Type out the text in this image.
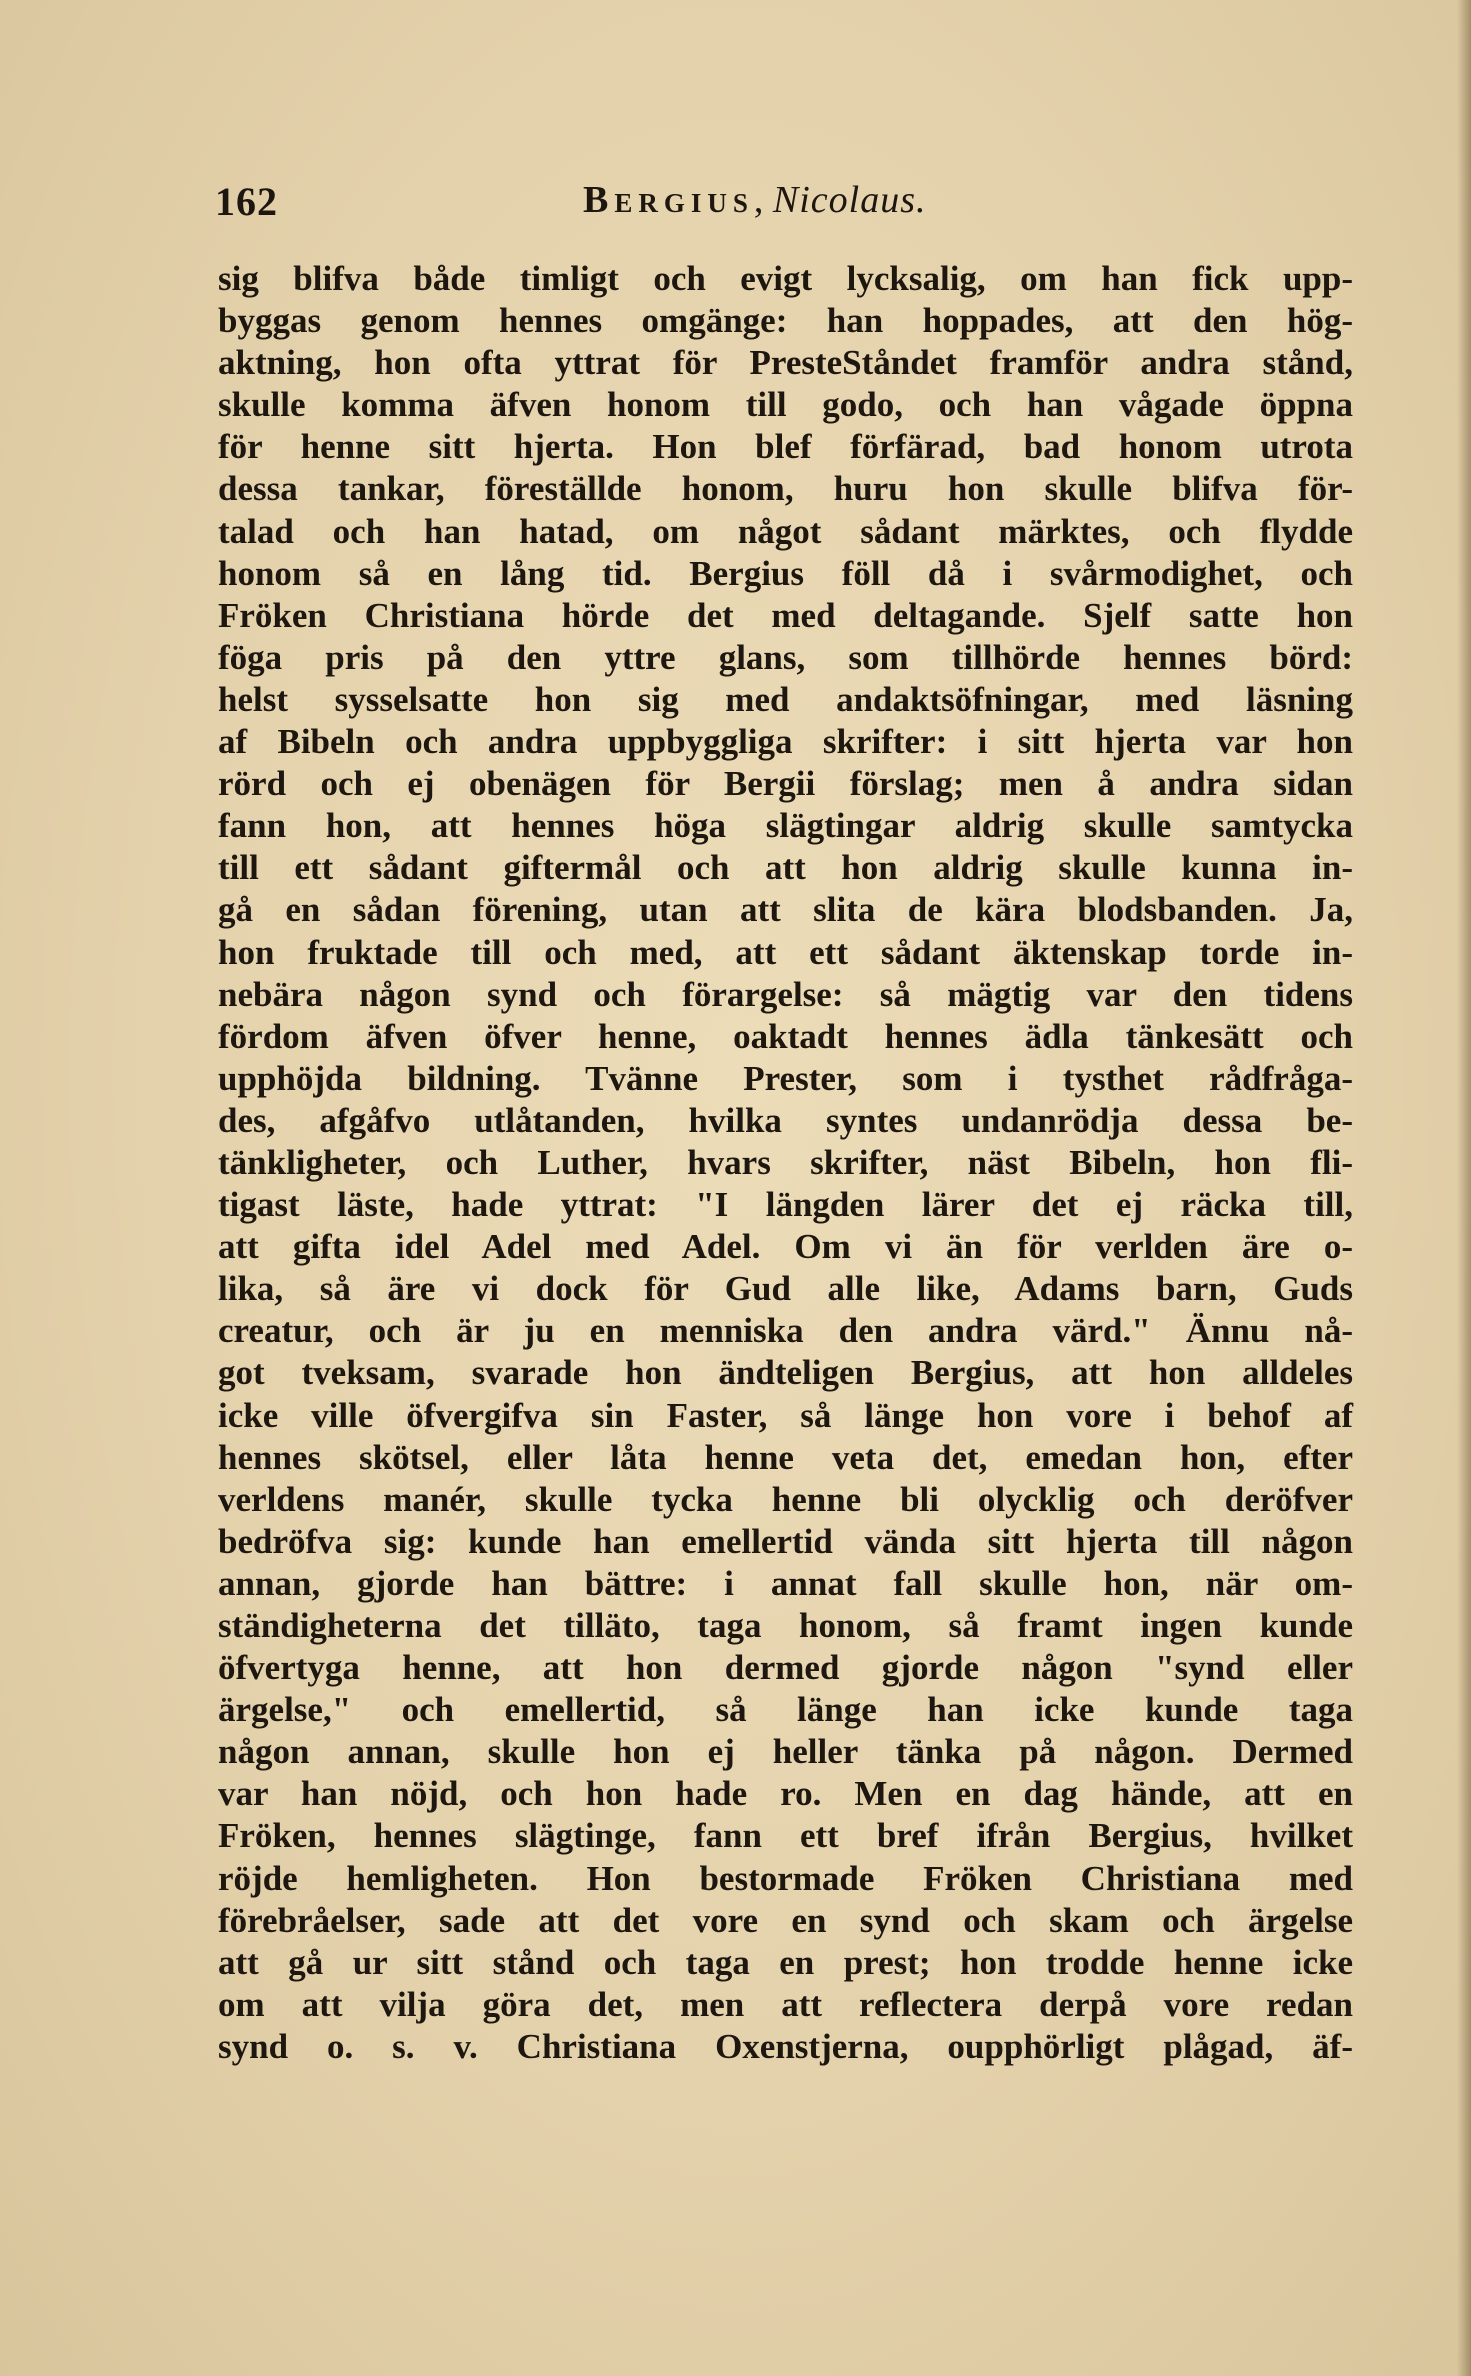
162	Bergius, Nicolaus.
sig blifva både timligt och evigt lycksalig, om han fick upp-
byggas genom hennes omgänge: han hoppades, att den hög-
aktning, hon ofta yttrat för PresteStåndet framför andra stånd,
skulle komma äfven honom till godo, och han vågade öppna
för henne sitt hjerta. Hon blef förfärad, bad honom utrota
dessa tankar, föreställde honom, huru hon skulle blifva för-
talad och han hatad, om något sådant märktes, och flydde
honom så en lång tid. Bergius föll då i svårmodighet, och
Fröken Christiana hörde det med deltagande. Sjelf satte hon
föga pris på den yttre glans, som tillhörde hennes börd:
helst sysselsatte hon sig med andaktsöfningar, med läsning
af Bibeln och andra uppbyggliga skrifter: i sitt hjerta var hon
rörd och ej obenägen för Bergii förslag; men å andra sidan
fann hon, att hennes höga slägtingar aldrig skulle samtycka
till ett sådant giftermål och att hon aldrig skulle kunna in-
gå en sådan förening, utan att slita de kära blodsbanden. Ja,
hon fruktade till och med, att ett sådant äktenskap torde in-
nebära någon synd och förargelse: så mägtig var den tidens
fördom äfven öfver henne, oaktadt hennes ädla tänkesätt och
upphöjda bildning. Tvänne Prester, som i tysthet rådfråga-
des, afgåfvo utlåtanden, hvilka syntes undanrödja dessa be-
tänkligheter, och Luther, hvars skrifter, näst Bibeln, hon fli-
tigast läste, hade yttrat: "I längden lärer det ej räcka till,
att gifta idel Adel med Adel. Om vi än för verlden äre o-
lika, så äre vi dock för Gud alle like, Adams barn, Guds
creatur, och är ju en menniska den andra värd." Ännu nå-
got tveksam, svarade hon ändteligen Bergius, att hon alldeles
icke ville öfvergifva sin Faster, så länge hon vore i behof af
hennes skötsel, eller låta henne veta det, emedan hon, efter
verldens manér, skulle tycka henne bli olycklig och deröfver
bedröfva sig: kunde han emellertid vända sitt hjerta till någon
annan, gjorde han bättre: i annat fall skulle hon, när om-
ständigheterna det tilläto, taga honom, så framt ingen kunde
öfvertyga henne, att hon dermed gjorde någon "synd eller
ärgelse," och emellertid, så länge han icke kunde taga
någon annan, skulle hon ej heller tänka på någon. Dermed
var han nöjd, och hon hade ro. Men en dag hände, att en
Fröken, hennes slägtinge, fann ett bref ifrån Bergius, hvilket
röjde hemligheten. Hon bestormade Fröken Christiana med
förebråelser, sade att det vore en synd och skam och ärgelse
att gå ur sitt stånd och taga en prest; hon trodde henne icke
om att vilja göra det, men att reflectera derpå vore redan
synd o. s. v. Christiana Oxenstjerna, oupphörligt plågad, äf-
